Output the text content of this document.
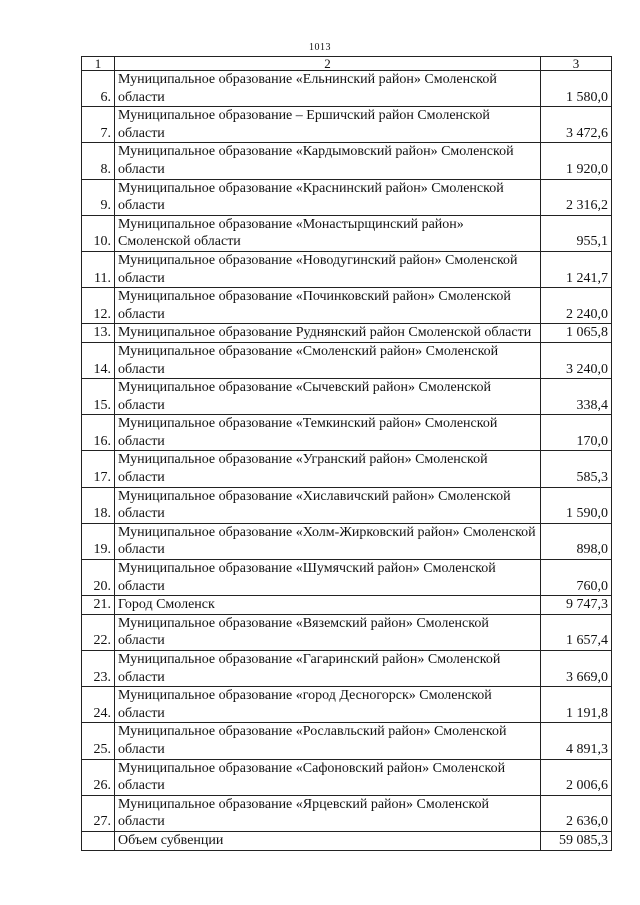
1013
1	2	3
6.	Муниципальное образование «Ельнинский район» Смоленской области	1 580,0
7.	Муниципальное образование – Ершичский район Смоленской области	3 472,6
8.	Муниципальное образование «Кардымовский район» Смоленской области	1 920,0
9.	Муниципальное образование «Краснинский район» Смоленской области	2 316,2
10.	Муниципальное образование «Монастырщинский район» Смоленской области	955,1
11.	Муниципальное образование «Новодугинский район» Смоленской области	1 241,7
12.	Муниципальное образование «Починковский район» Смоленской области	2 240,0
13.	Муниципальное образование Руднянский район Смоленской области	1 065,8
14.	Муниципальное образование «Смоленский район» Смоленской области	3 240,0
15.	Муниципальное образование «Сычевский район» Смоленской области	338,4
16.	Муниципальное образование «Темкинский район» Смоленской области	170,0
17.	Муниципальное образование «Угранский район» Смоленской области	585,3
18.	Муниципальное образование «Хиславичский район» Смоленской области	1 590,0
19.	Муниципальное образование «Холм-Жирковский район» Смоленской области	898,0
20.	Муниципальное образование «Шумячский район» Смоленской области	760,0
21.	Город Смоленск	9 747,3
22.	Муниципальное образование «Вяземский район» Смоленской области	1 657,4
23.	Муниципальное образование «Гагаринский район» Смоленской области	3 669,0
24.	Муниципальное образование «город Десногорск» Смоленской области	1 191,8
25.	Муниципальное образование «Рославльский район» Смоленской области	4 891,3
26.	Муниципальное образование «Сафоновский район» Смоленской области	2 006,6
27.	Муниципальное образование «Ярцевский район» Смоленской области	2 636,0
	Объем субвенции	59 085,3
